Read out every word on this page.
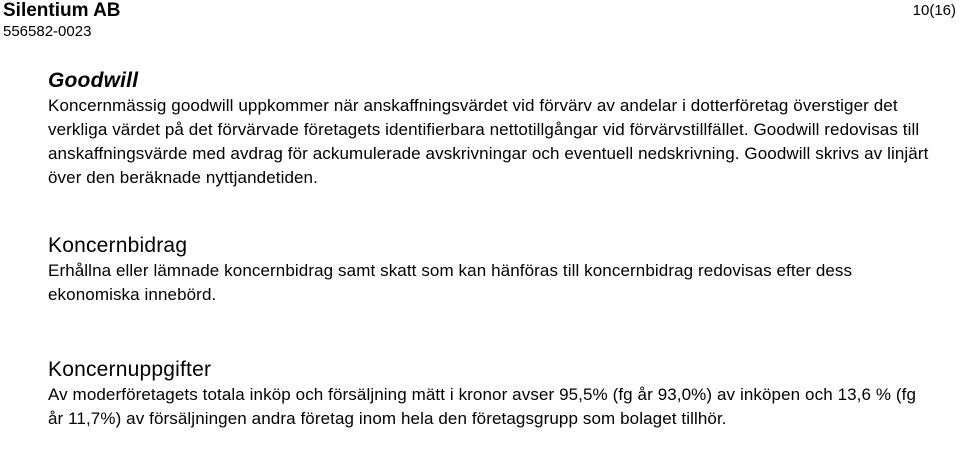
Silentium AB
556582-0023
10(16)
Goodwill

Koncernmässig goodwill uppkommer när anskaffningsvärdet vid förvärv av andelar i dotterföretag överstiger det verkliga värdet på det förvärvade företagets identifierbara nettotillgångar vid förvärvstillfället. Goodwill redovisas till anskaffningsvärde med avdrag för ackumulerade avskrivningar och eventuell nedskrivning. Goodwill skrivs av linjärt över den beräknade nyttjandetiden.

Koncernbidrag

Erhållna eller lämnade koncernbidrag samt skatt som kan hänföras till koncernbidrag redovisas efter dess ekonomiska innebörd.

Koncernuppgifter

Av moderföretagets totala inköp och försäljning mätt i kronor avser 95,5% (fg år 93,0%) av inköpen och 13,6 % (fg år 11,7%) av försäljningen andra företag inom hela den företagsgrupp som bolaget tillhör.
